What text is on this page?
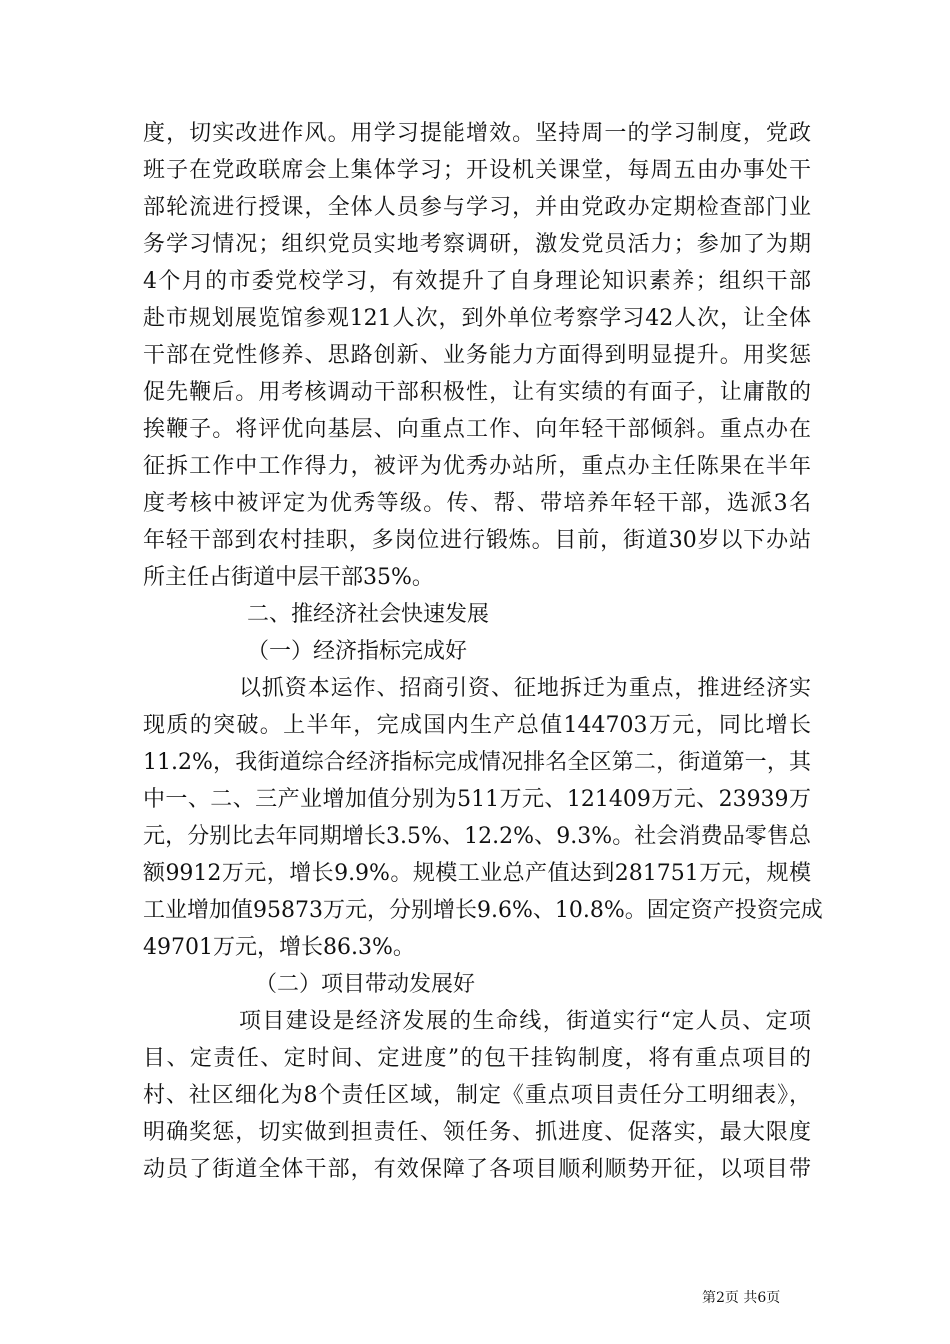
度，切实改进作风。用学习提能增效。坚持周一的学习制度，党政
班子在党政联席会上集体学习；开设机关课堂，每周五由办事处干
部轮流进行授课，全体人员参与学习，并由党政办定期检查部门业
务学习情况；组织党员实地考察调研，激发党员活力；参加了为期
4个月的市委党校学习，有效提升了自身理论知识素养；组织干部
赴市规划展览馆参观121人次，到外单位考察学习42人次，让全体
干部在党性修养、思路创新、业务能力方面得到明显提升。用奖惩
促先鞭后。用考核调动干部积极性，让有实绩的有面子，让庸散的
挨鞭子。将评优向基层、向重点工作、向年轻干部倾斜。重点办在
征拆工作中工作得力，被评为优秀办站所，重点办主任陈果在半年
度考核中被评定为优秀等级。传、帮、带培养年轻干部，选派3名
年轻干部到农村挂职，多岗位进行锻炼。目前，街道30岁以下办站
所主任占街道中层干部35%。
二、推经济社会快速发展
（一）经济指标完成好
以抓资本运作、招商引资、征地拆迁为重点，推进经济实
现质的突破。上半年，完成国内生产总值144703万元，同比增长
11.2%，我街道综合经济指标完成情况排名全区第二，街道第一，其
中一、二、三产业增加值分别为511万元、121409万元、23939万
元，分别比去年同期增长3.5%、12.2%、9.3%。社会消费品零售总
额9912万元，增长9.9%。规模工业总产值达到281751万元，规模
工业增加值95873万元，分别增长9.6%、10.8%。固定资产投资完成
49701万元，增长86.3%。
（二）项目带动发展好
项目建设是经济发展的生命线，街道实行“定人员、定项
目、定责任、定时间、定进度”的包干挂钩制度，将有重点项目的
村、社区细化为8个责任区域，制定《重点项目责任分工明细表》，
明确奖惩，切实做到担责任、领任务、抓进度、促落实，最大限度
动员了街道全体干部，有效保障了各项目顺利顺势开征，以项目带
第2页 共6页
